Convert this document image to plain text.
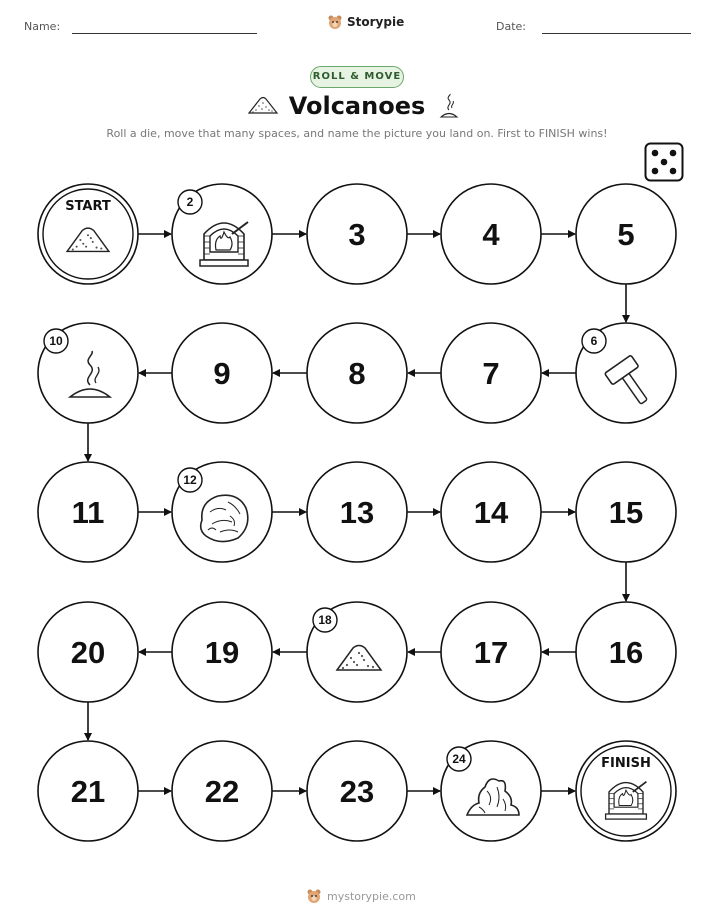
Name:	Storypie	Date:
ROLL & MOVE
Volcanoes
Roll a die, move that many spaces, and name the picture you land on. First to FINISH wins!
START	2
3	4	5
6
7
8
9
10
11
12
13	14	15
16
17
18
19
20
21	22	23
24	FINISH
mystorypie.com
